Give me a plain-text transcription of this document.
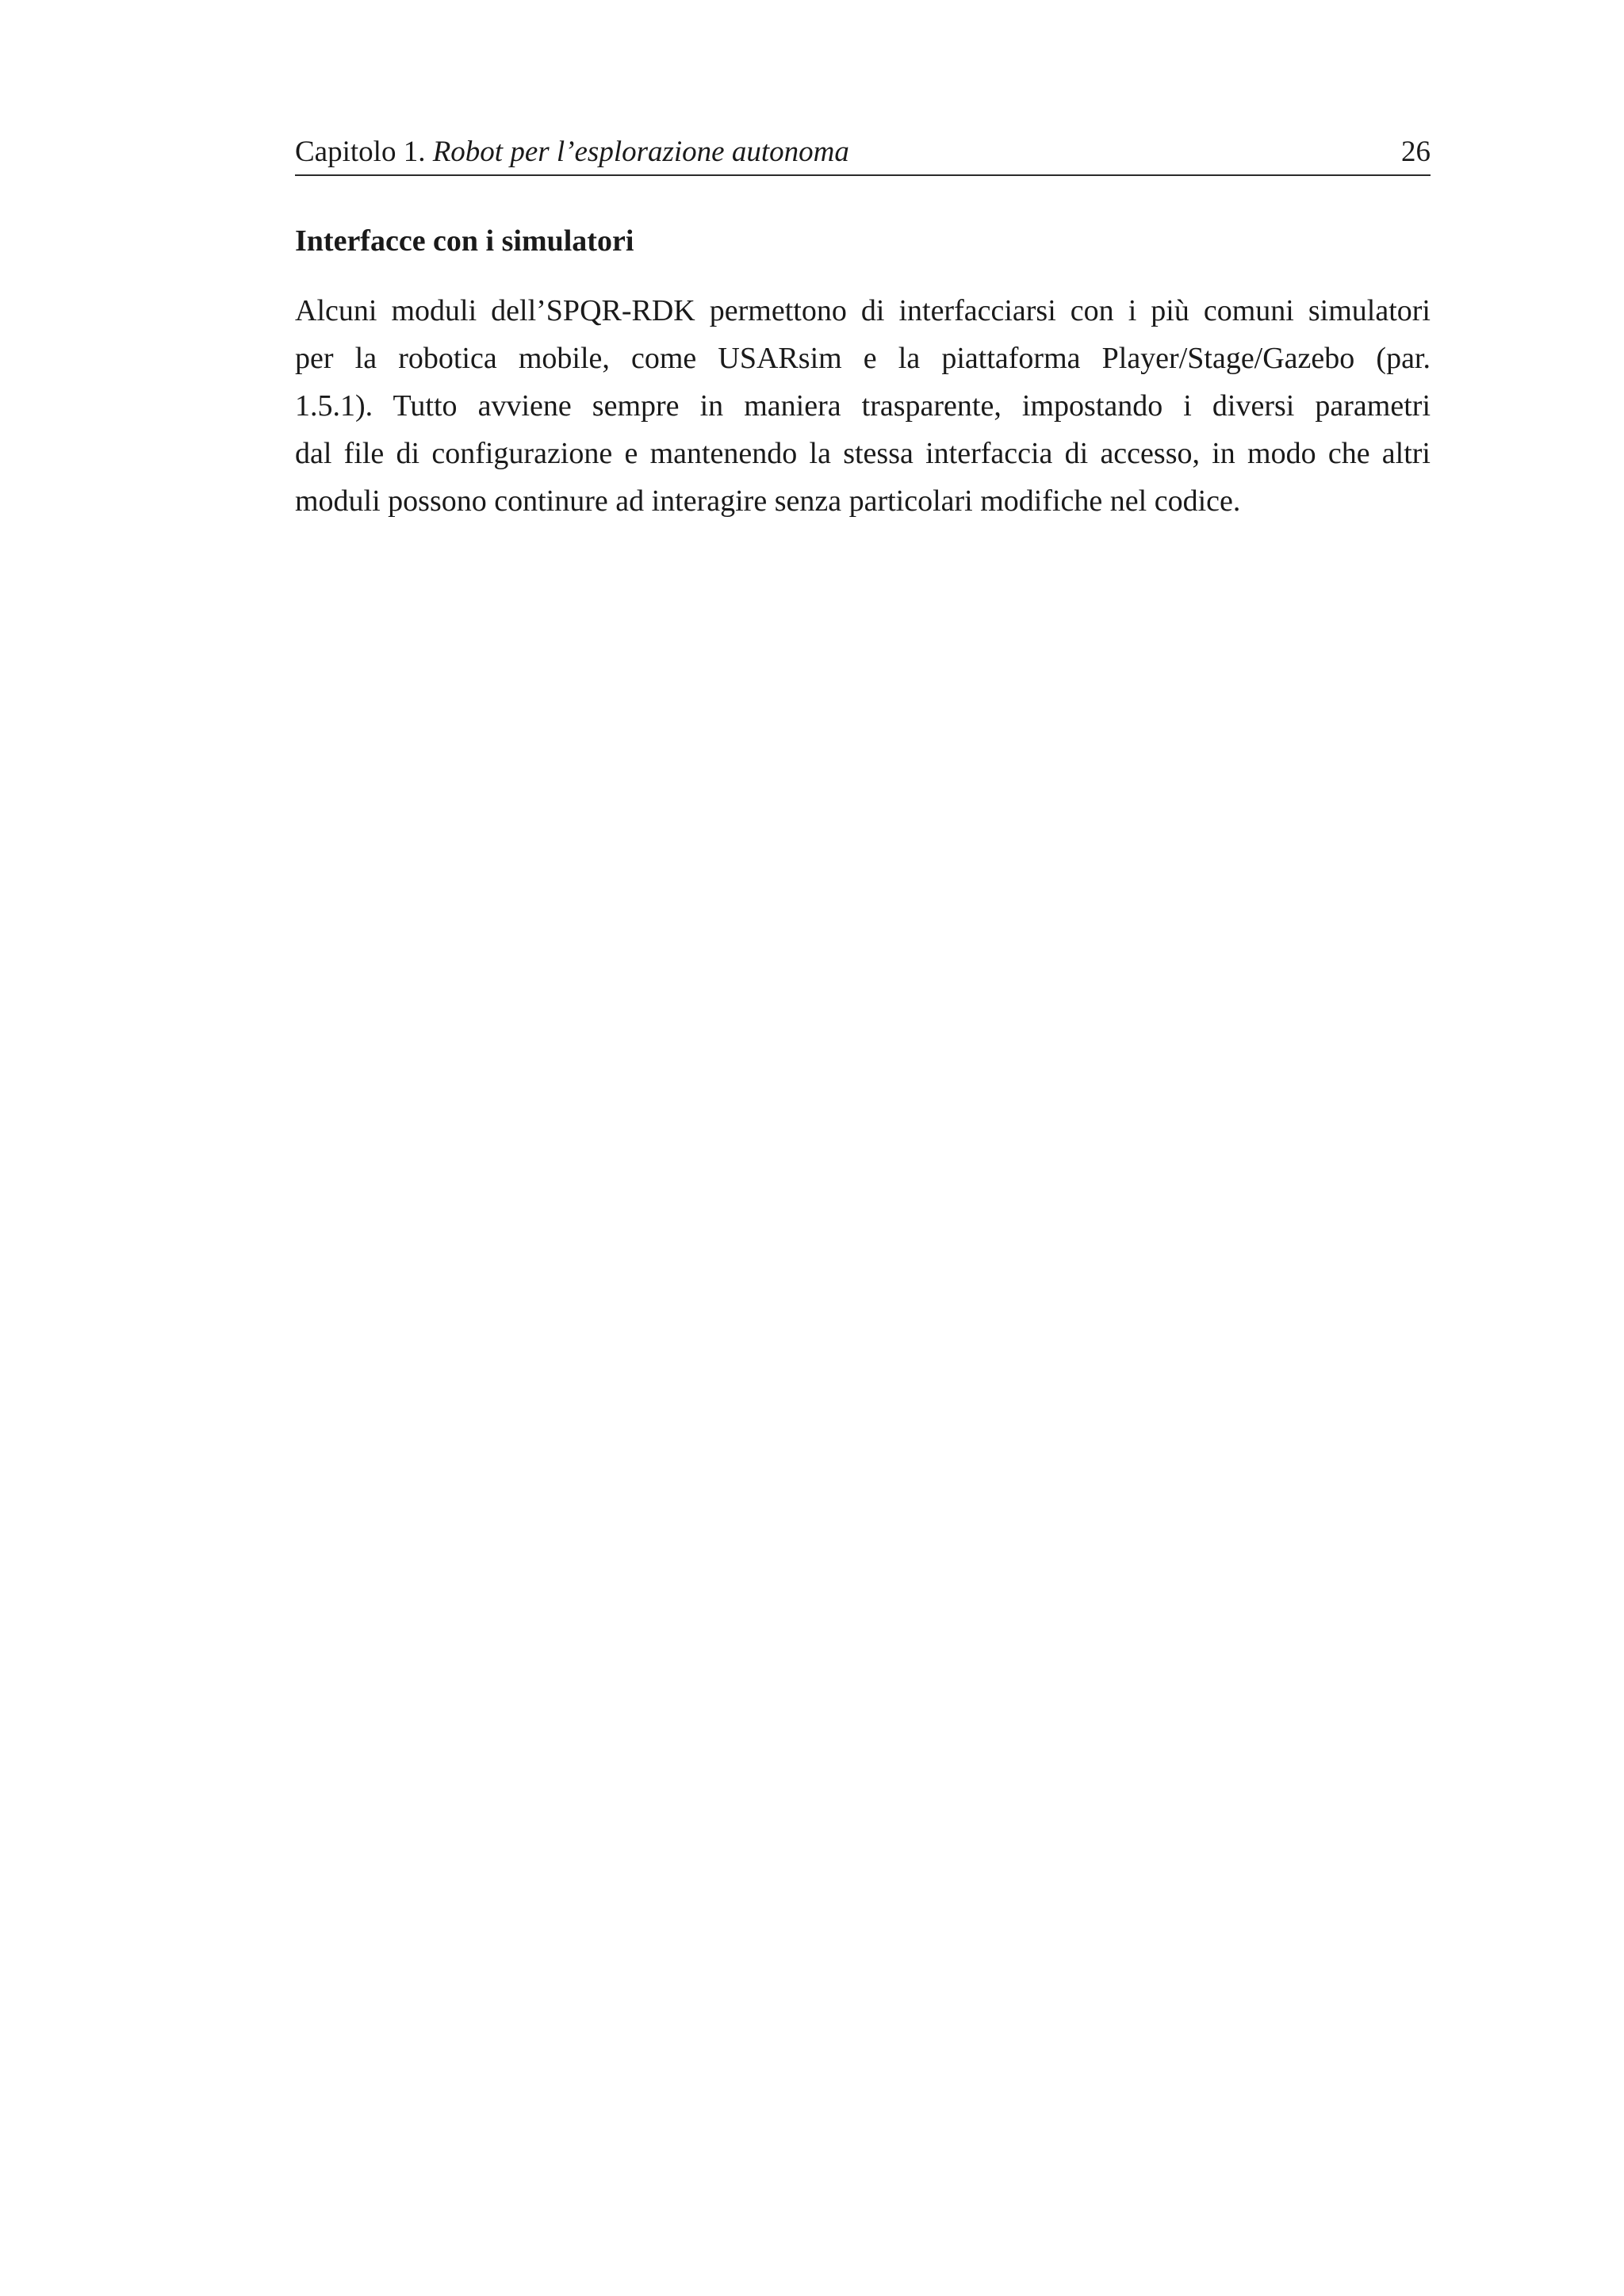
Capitolo 1. Robot per l’esplorazione autonoma	26
Interfacce con i simulatori
Alcuni moduli dell’SPQR-RDK permettono di interfacciarsi con i più comuni simulatori
per la robotica mobile, come USARsim e la piattaforma Player/Stage/Gazebo (par.
1.5.1). Tutto avviene sempre in maniera trasparente, impostando i diversi parametri
dal file di configurazione e mantenendo la stessa interfaccia di accesso, in modo che altri
moduli possono continure ad interagire senza particolari modifiche nel codice.
